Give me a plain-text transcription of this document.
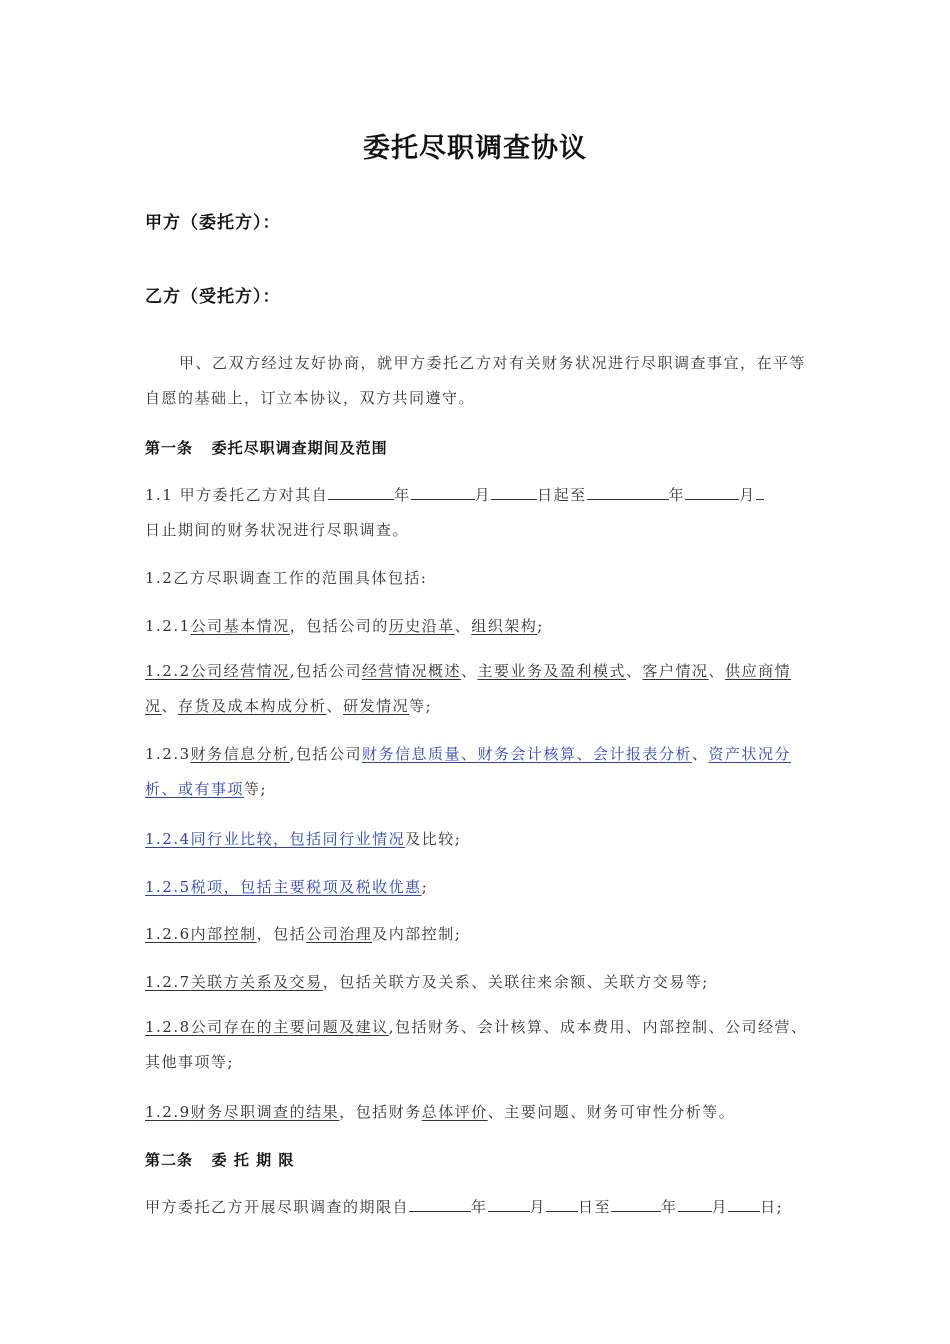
委托尽职调查协议
甲方（委托方）：
乙方（受托方）：
甲、乙双方经过友好协商，就甲方委托乙方对有关财务状况进行尽职调查事宜，在平等自愿的基础上，订立本协议，双方共同遵守。
第一条   委托尽职调查期间及范围
1.1 甲方委托乙方对其自	年	月	日起至	年	月
日止期间的财务状况进行尽职调查。
1.2乙方尽职调查工作的范围具体包括:
1.2.1公司基本情况，包括公司的历史沿革、组织架构;
1.2.2公司经营情况,包括公司经营情况概述、主要业务及盈利模式、客户情况、供应商情况、存货及成本构成分析、研发情况等;
1.2.3财务信息分析,包括公司财务信息质量、财务会计核算、会计报表分析、资产状况分析、或有事项等;
1.2.4同行业比较，包括同行业情况及比较;
1.2.5税项，包括主要税项及税收优惠;
1.2.6内部控制，包括公司治理及内部控制;
1.2.7关联方关系及交易，包括关联方及关系、关联往来余额、关联方交易等;
1.2.8公司存在的主要问题及建议,包括财务、会计核算、成本费用、内部控制、公司经营、其他事项等;
1.2.9财务尽职调查的结果，包括财务总体评价、主要问题、财务可审性分析等。
第二条   委 托 期 限
甲方委托乙方开展尽职调查的期限自	年	月 日至	年 月 日;
